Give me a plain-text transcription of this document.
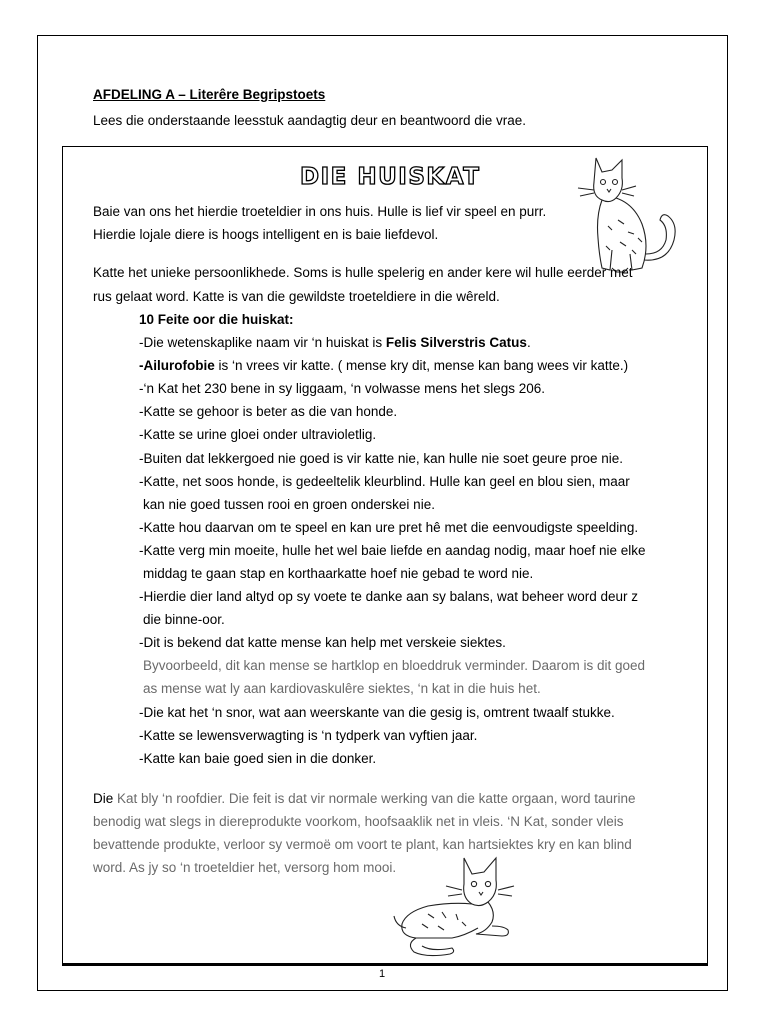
AFDELING A – Literêre Begripstoets
Lees die onderstaande leesstuk aandagtig deur en beantwoord die vrae.
DIE HUISKAT
Baie van ons het hierdie troeteldier in ons huis. Hulle is lief vir speel en purr.
Hierdie lojale diere is hoogs intelligent en is baie liefdevol.
Katte het unieke persoonlikhede. Soms is hulle spelerig en ander kere wil hulle eerder met
rus gelaat word. Katte is van die gewildste troeteldiere in die wêreld.
10 Feite oor die huiskat:
-Die wetenskaplike naam vir ‘n huiskat is Felis Silverstris Catus.
-Ailurofobie is ‘n vrees vir katte. ( mense kry dit, mense kan bang wees vir katte.)
-‘n Kat het 230 bene in sy liggaam, ‘n volwasse mens het slegs 206.
-Katte se gehoor is beter as die van honde.
-Katte se urine gloei onder ultravioletlig.
-Buiten dat lekkergoed nie goed is vir katte nie, kan hulle nie soet geure proe nie.
-Katte, net soos honde, is gedeeltelik kleurblind. Hulle kan geel en blou sien, maar
kan nie goed tussen rooi en groen onderskei nie.
-Katte hou daarvan om te speel en kan ure pret hê met die eenvoudigste speelding.
-Katte verg min moeite, hulle het wel baie liefde en aandag nodig, maar hoef nie elke
middag te gaan stap en korthaarkatte hoef nie gebad te word nie.
-Hierdie dier land altyd op sy voete te danke aan sy balans, wat beheer word deur z
die binne-oor.
-Dit is bekend dat katte mense kan help met verskeie siektes.
Byvoorbeeld, dit kan mense se hartklop en bloeddruk verminder. Daarom is dit goed
as mense wat ly aan kardiovaskulêre siektes, ‘n kat in die huis het.
-Die kat het ‘n snor, wat aan weerskante van die gesig is, omtrent twaalf stukke.
-Katte se lewensverwagting is ‘n tydperk van vyftien jaar.
-Katte kan baie goed sien in die donker.
Die Kat bly ‘n roofdier. Die feit is dat vir normale werking van die katte orgaan, word taurine
benodig wat slegs in diereprodukte voorkom, hoofsaaklik net in vleis. ‘N Kat, sonder vleis
bevattende produkte, verloor sy vermoë om voort te plant, kan hartsiektes kry en kan blind
word. As jy so ‘n troeteldier het, versorg hom mooi.
1
